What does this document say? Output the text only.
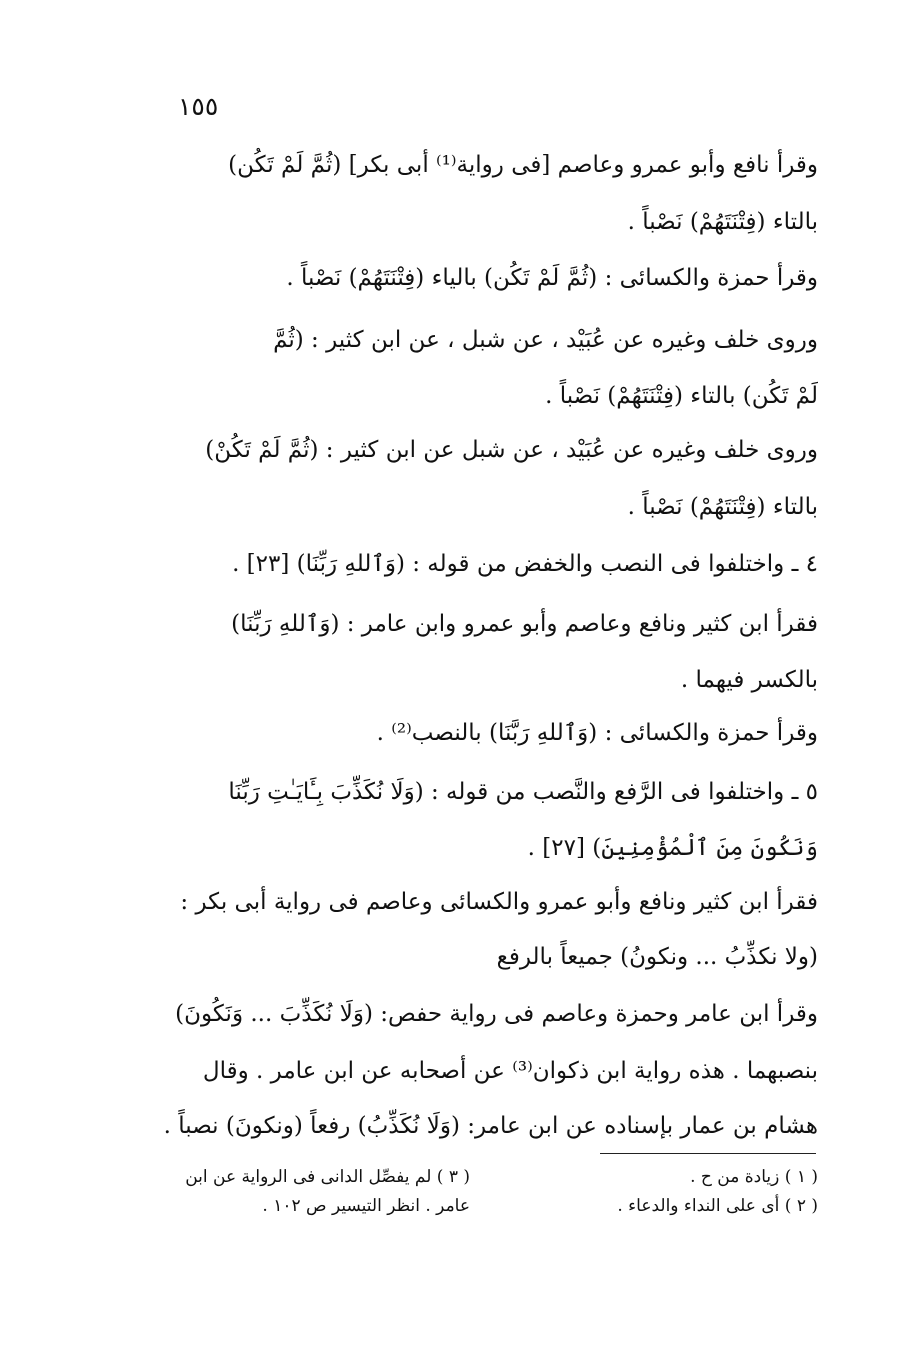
١٥٥
وقرأ نافع وأبو عمرو وعاصم [فى رواية⁽¹⁾ أبى بكر] (ثُمَّ لَمْ تَكُن)
بالتاء (فِتْنَتَهُمْ) نَصْباً .
وقرأ حمزة والكسائى : (ثُمَّ لَمْ تَكُن) بالياء (فِتْنَتَهُمْ) نَصْباً .
وروى خلف وغيره عن عُبَيْد ، عن شبل ، عن ابن كثير : (ثُمَّ
لَمْ تَكُن) بالتاء (فِتْنَتَهُمْ) نَصْباً .
وروى خلف وغيره عن عُبَيْد ، عن شبل عن ابن كثير : (ثُمَّ لَمْ تَكُنْ)
بالتاء (فِتْنَتَهُمْ) نَصْباً .
٤ ـ واختلفوا فى النصب والخفض من قوله : (وَٱللهِ رَبِّنَا) [٢٣] .
فقرأ ابن كثير ونافع وعاصم وأبو عمرو وابن عامر : (وَٱللهِ رَبِّنَا)
بالكسر فيهما .
وقرأ حمزة والكسائى : (وَٱللهِ رَبَّنَا) بالنصب⁽²⁾ .
٥ ـ واختلفوا فى الرَّفع والنَّصب من قوله : (وَلَا نُكَذِّبَ بِـَٔايَـٰتِ رَبِّنَا
وَنَكُونَ مِنَ ٱلْمُؤْمِنِينَ) [٢٧] .
فقرأ ابن كثير ونافع وأبو عمرو والكسائى وعاصم فى رواية أبى بكر :
(ولا نكذِّبُ ... ونكونُ) جميعاً بالرفع
وقرأ ابن عامر وحمزة وعاصم فى رواية حفص: (وَلَا نُكَذِّبَ ... وَنَكُونَ)
بنصبهما . هذه رواية ابن ذكوان⁽³⁾ عن أصحابه عن ابن عامر . وقال
هشام بن عمار بإسناده عن ابن عامر: (وَلَا نُكَذِّبُ) رفعاً (ونكونَ) نصباً .
( ١ ) زيادة من ح .
( ٢ ) أى على النداء والدعاء .
( ٣ ) لم يفصِّل الدانى فى الرواية عن ابن
عامر . انظر التيسير ص ١٠٢ .
